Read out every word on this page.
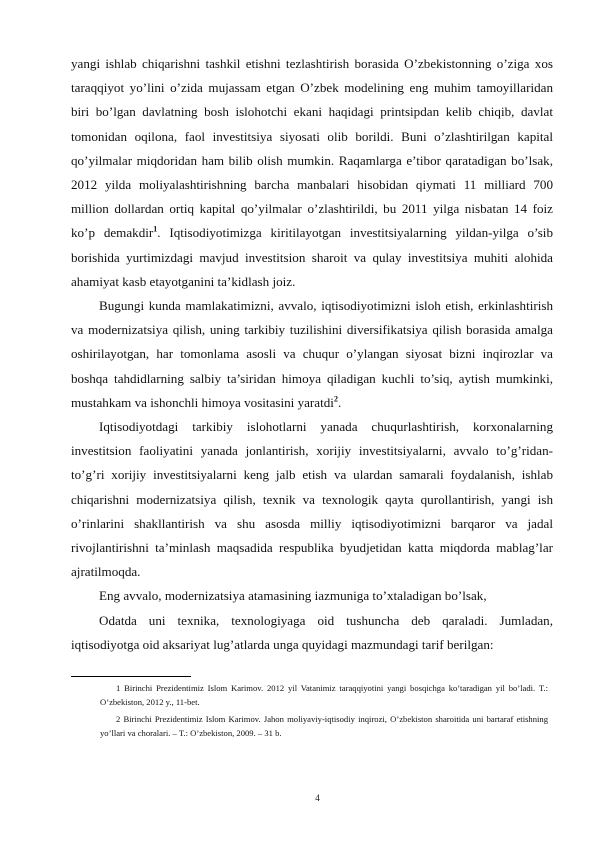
yangi ishlab chiqarishni tashkil etishni tezlashtirish borasida O’zbekistonning o’ziga xos taraqqiyot yo’lini o’zida mujassam etgan O’zbek modelining eng muhim tamoyillaridan biri bo’lgan davlatning bosh islohotchi ekani haqidagi printsipdan kelib chiqib, davlat tomonidan oqilona, faol investitsiya siyosati olib borildi. Buni o’zlashtirilgan kapital qo’yilmalar miqdoridan ham bilib olish mumkin. Raqamlarga e’tibor qaratadigan bo’lsak, 2012 yilda moliyalashtirishning barcha manbalari hisobidan qiymati 11 milliard 700 million dollardan ortiq kapital qo’yilmalar o’zlashtirildi, bu 2011 yilga nisbatan 14 foiz ko’p demakdir$^1$. Iqtisodiyotimizga kiritilayotgan investitsiyalarning yildan-yilga o’sib borishida yurtimizdagi mavjud investitsion sharoit va qulay investitsiya muhiti alohida ahamiyat kasb etayotganini ta’kidlash joiz.

Bugungi kunda mamlakatimizni, avvalo, iqtisodiyotimizni isloh etish, erkinlashtirish va modernizatsiya qilish, uning tarkibiy tuzilishini diversifikatsiya qilish borasida amalga oshirilayotgan, har tomonlama asosli va chuqur o’ylangan siyosat bizni inqirozlar va boshqa tahdidlarning salbiy ta’siridan himoya qiladigan kuchli to’siq, aytish mumkinki, mustahkam va ishonchli himoya vositasini yaratdi$^2$.

Iqtisodiyotdagi tarkibiy islohotlarni yanada chuqurlashtirish, korxonalarning investitsion faoliyatini yanada jonlantirish, xorijiy investitsiyalarni, avvalo to’g’ridan-to’g’ri xorijiy investitsiyalarni keng jalb etish va ulardan samarali foydalanish, ishlab chiqarishni modernizatsiya qilish, texnik va texnologik qayta qurollantirish, yangi ish o’rinlarini shakllantirish va shu asosda milliy iqtisodiyotimizni barqaror va jadal rivojlantirishni ta’minlash maqsadida respublika byudjetidan katta miqdorda mablag’lar ajratilmoqda.

Eng avvalo, modernizatsiya atamasining iazmuniga to’xtaladigan bo’lsak,

Odatda uni texnika, texnologiyaga oid tushuncha deb qaraladi. Jumladan, iqtisodiyotga oid aksariyat lug’atlarda unga quyidagi mazmundagi tarif berilgan:

1 Birinchi Prezidentimiz Islom Karimov. 2012 yil Vatanimiz taraqqiyotini yangi bosqichga ko’taradigan yil bo’ladi. T.: O’zbekiston, 2012 y., 11-bet.

2 Birinchi Prezidentimiz Islom Karimov. Jahon moliyaviy-iqtisodiy inqirozi, O’zbekiston sharoitida uni bartaraf etishning yo’llari va choralari. – T.: O’zbekiston, 2009. – 31 b.

4
